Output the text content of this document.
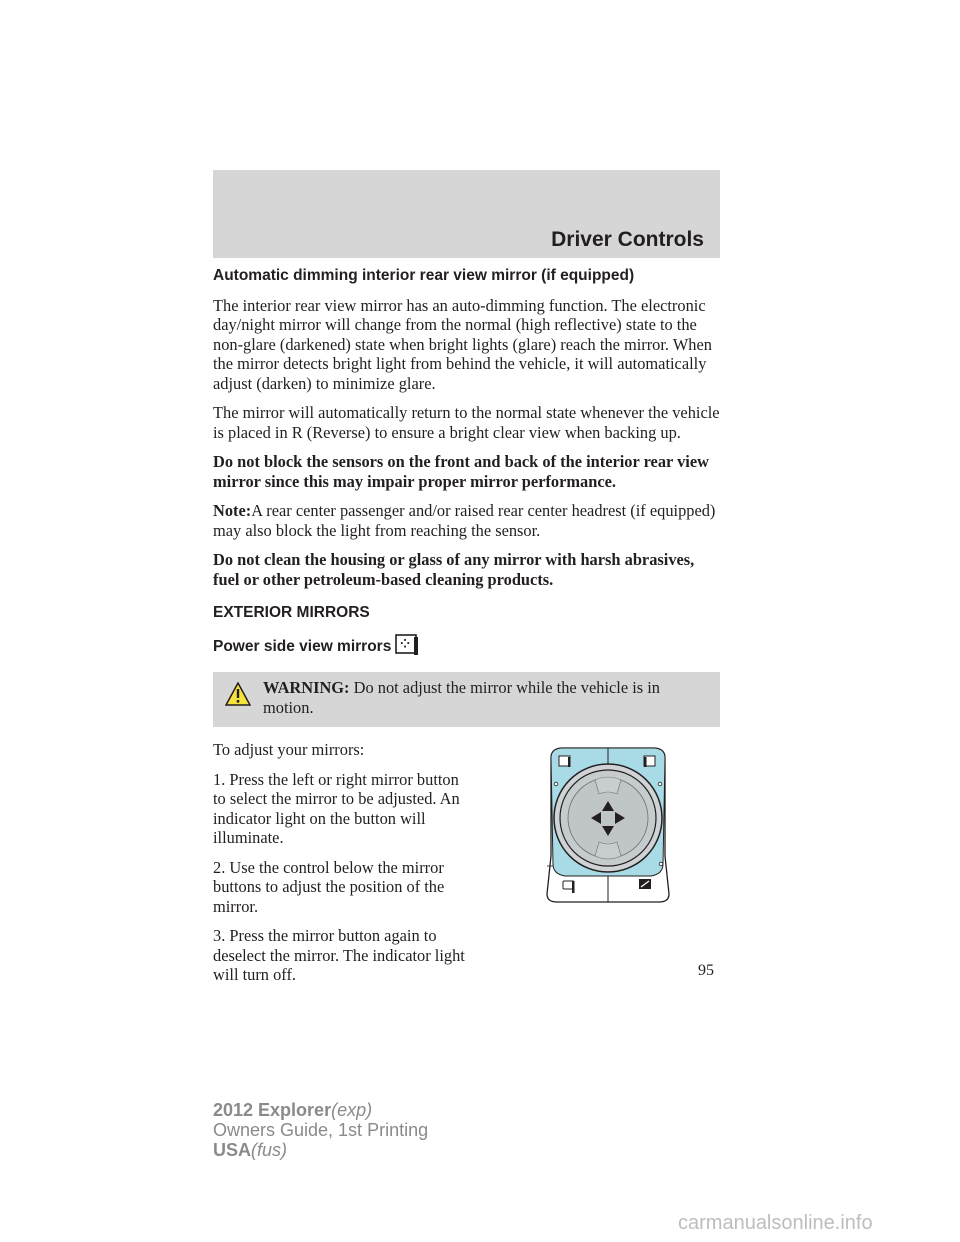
Driver Controls

Automatic dimming interior rear view mirror (if equipped)

The interior rear view mirror has an auto-dimming function. The electronic day/night mirror will change from the normal (high reflective) state to the non-glare (darkened) state when bright lights (glare) reach the mirror. When the mirror detects bright light from behind the vehicle, it will automatically adjust (darken) to minimize glare.

The mirror will automatically return to the normal state whenever the vehicle is placed in R (Reverse) to ensure a bright clear view when backing up.

Do not block the sensors on the front and back of the interior rear view mirror since this may impair proper mirror performance.

Note:A rear center passenger and/or raised rear center headrest (if equipped) may also block the light from reaching the sensor.

Do not clean the housing or glass of any mirror with harsh abrasives, fuel or other petroleum-based cleaning products.

EXTERIOR MIRRORS

Power side view mirrors ⁘

WARNING: Do not adjust the mirror while the vehicle is in motion.

To adjust your mirrors:

1. Press the left or right mirror button to select the mirror to be adjusted. An indicator light on the button will illuminate.

2. Use the control below the mirror buttons to adjust the position of the mirror.

3. Press the mirror button again to deselect the mirror. The indicator light will turn off.	95
2012 Explorer(exp)
Owners Guide, 1st Printing
USA(fus)
carmanualsonline.info
